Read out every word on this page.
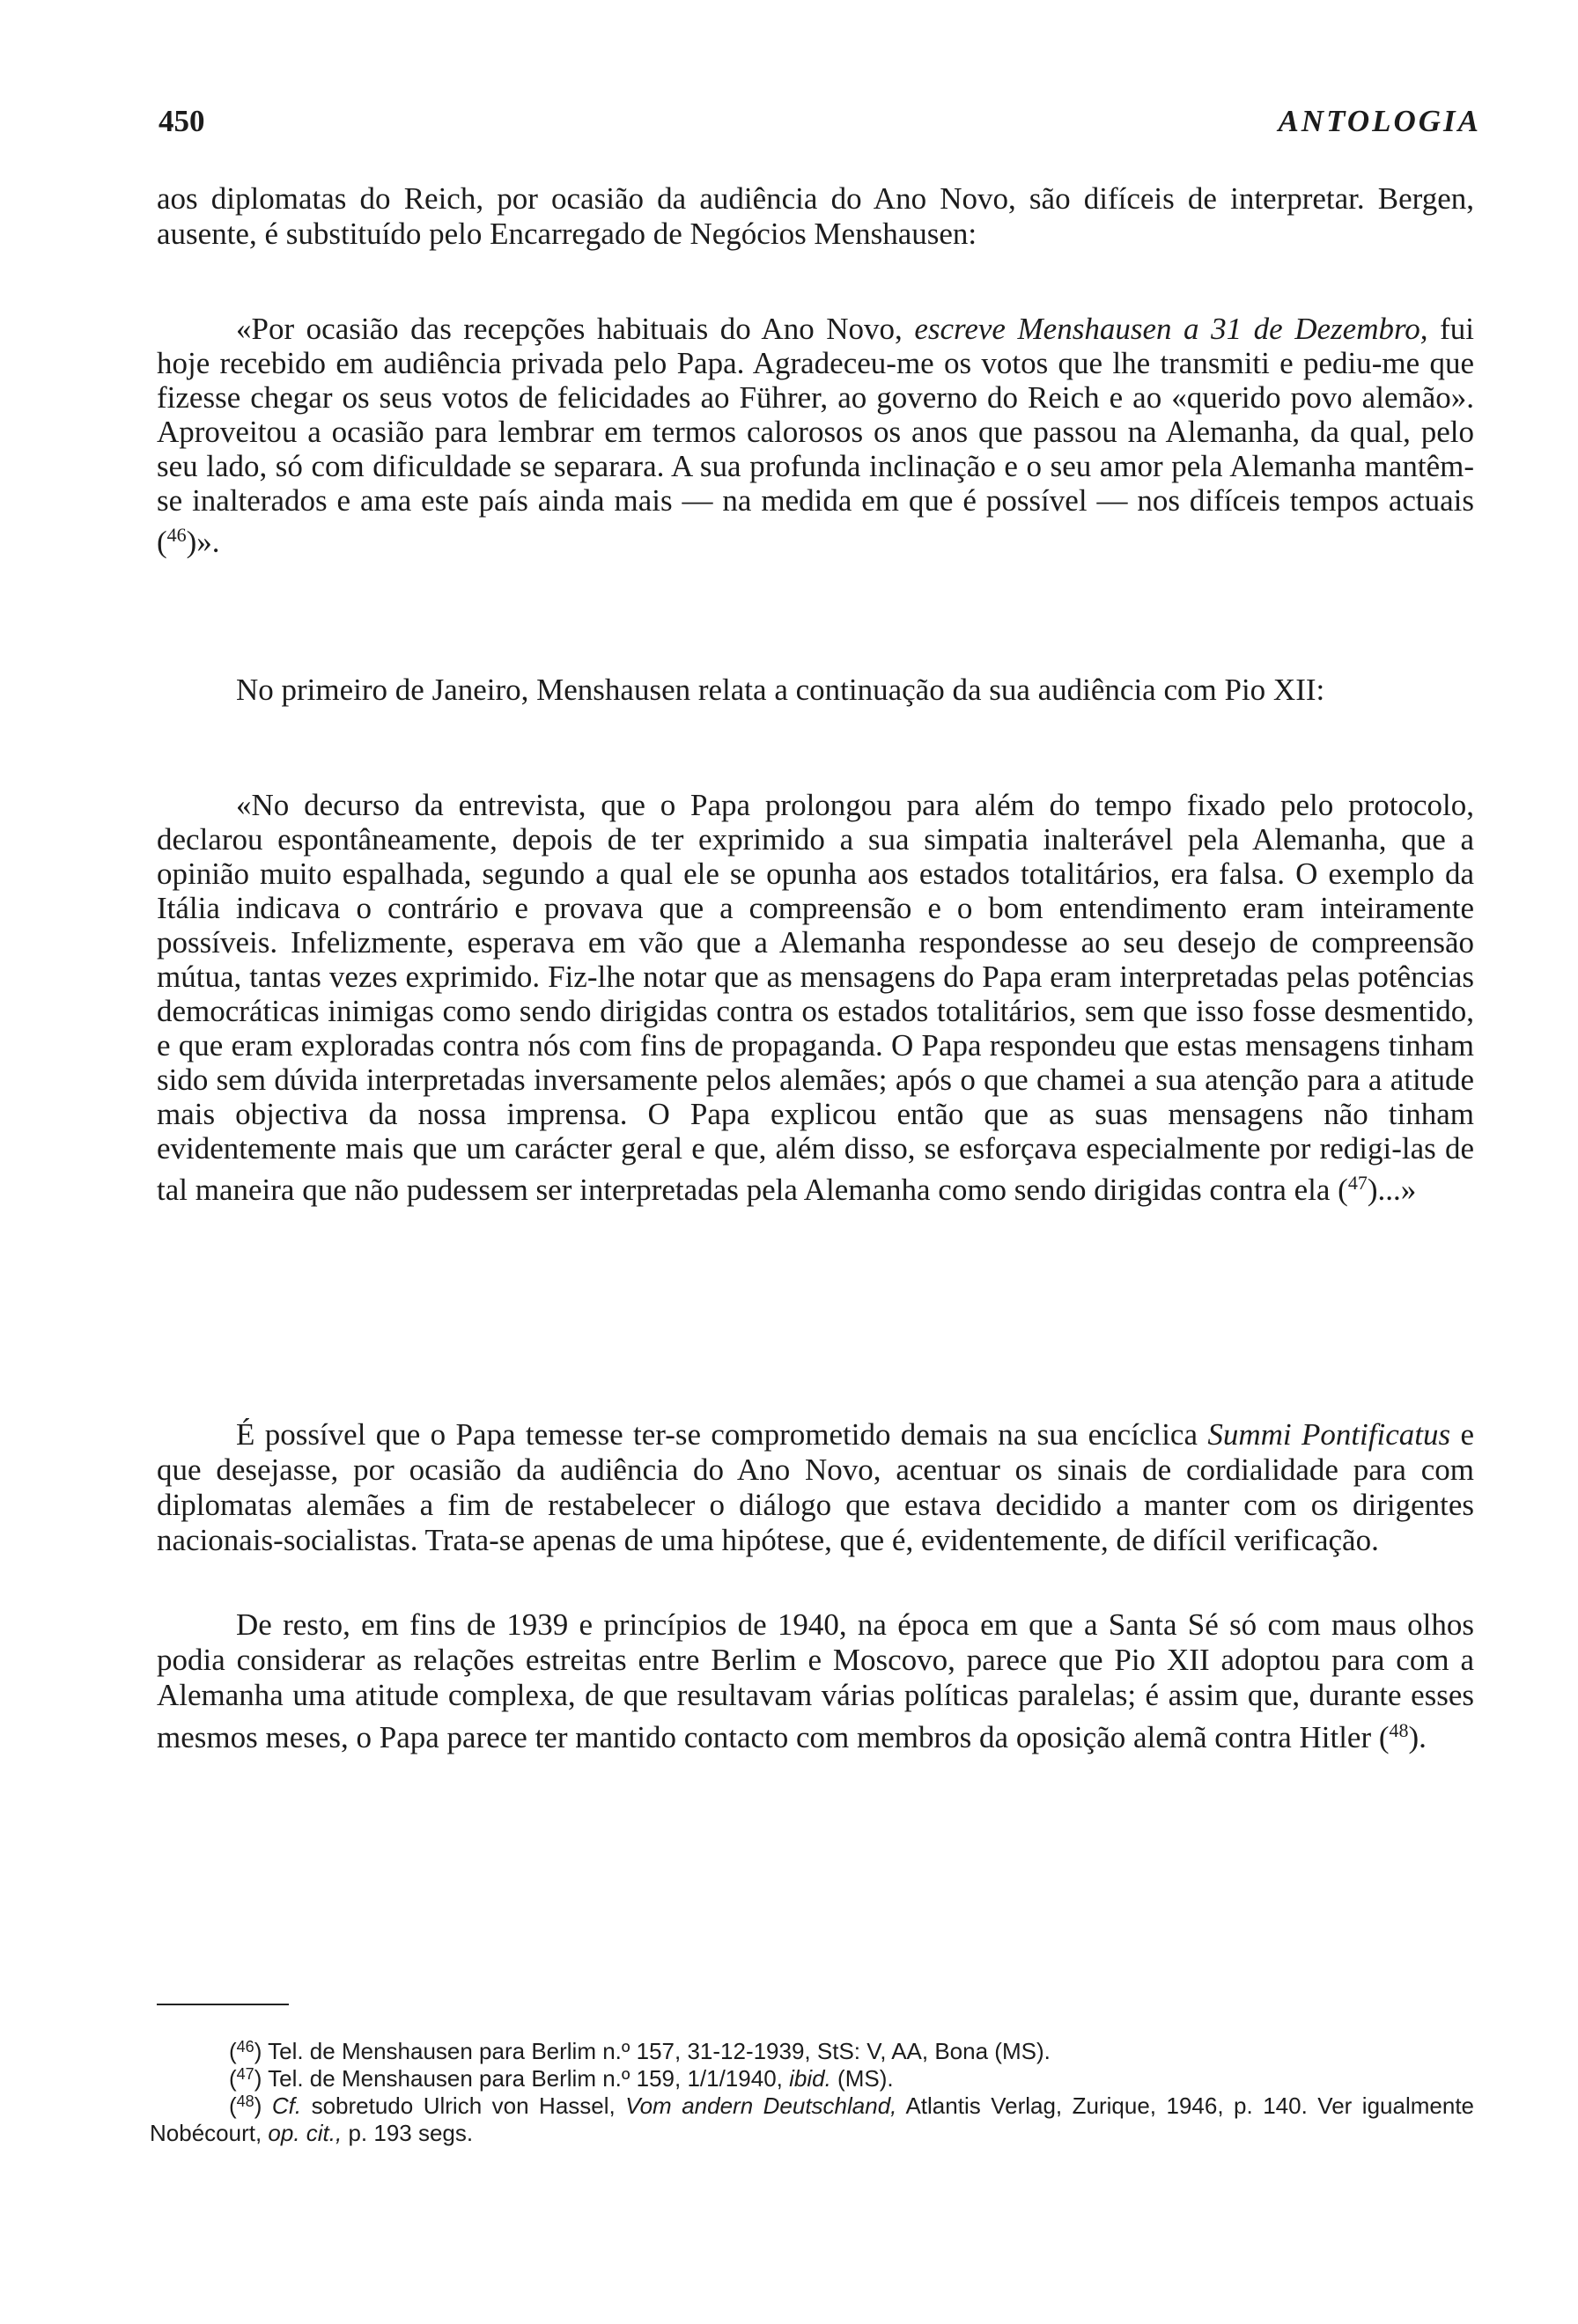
450	ANTOLOGIA

aos diplomatas do Reich, por ocasião da audiência do Ano Novo, são difíceis de interpretar. Bergen, ausente, é substituído pelo Encarregado de Negócios Menshausen:

«Por ocasião das recepções habituais do Ano Novo, escreve Menshausen a 31 de Dezembro, fui hoje recebido em audiência privada pelo Papa. Agradeceu-me os votos que lhe transmiti e pediu-me que fizesse chegar os seus votos de felicidades ao Führer, ao governo do Reich e ao «querido povo alemão». Aproveitou a ocasião para lembrar em termos calorosos os anos que passou na Alemanha, da qual, pelo seu lado, só com dificuldade se separara. A sua profunda inclinação e o seu amor pela Alemanha mantêm-se inalterados e ama este país ainda mais — na medida em que é possível — nos difíceis tempos actuais ($^{46}$)».

No primeiro de Janeiro, Menshausen relata a continuação da sua audiência com Pio XII:

«No decurso da entrevista, que o Papa prolongou para além do tempo fixado pelo protocolo, declarou espontâneamente, depois de ter exprimido a sua simpatia inalterável pela Alemanha, que a opinião muito espalhada, segundo a qual ele se opunha aos estados totalitários, era falsa. O exemplo da Itália indicava o contrário e provava que a compreensão e o bom entendimento eram inteiramente possíveis. Infelizmente, esperava em vão que a Alemanha respondesse ao seu desejo de compreensão mútua, tantas vezes exprimido. Fiz-lhe notar que as mensagens do Papa eram interpretadas pelas potências democráticas inimigas como sendo dirigidas contra os estados totalitários, sem que isso fosse desmentido, e que eram exploradas contra nós com fins de propaganda. O Papa respondeu que estas mensagens tinham sido sem dúvida interpretadas inversamente pelos alemães; após o que chamei a sua atenção para a atitude mais objectiva da nossa imprensa. O Papa explicou então que as suas mensagens não tinham evidentemente mais que um carácter geral e que, além disso, se esforçava especialmente por redigi-las de tal maneira que não pudessem ser interpretadas pela Alemanha como sendo dirigidas contra ela ($^{47}$)...»

É possível que o Papa temesse ter-se comprometido demais na sua encíclica Summi Pontificatus e que desejasse, por ocasião da audiência do Ano Novo, acentuar os sinais de cordialidade para com diplomatas alemães a fim de restabelecer o diálogo que estava decidido a manter com os dirigentes nacionais-socialistas. Trata-se apenas de uma hipótese, que é, evidentemente, de difícil verificação.

De resto, em fins de 1939 e princípios de 1940, na época em que a Santa Sé só com maus olhos podia considerar as relações estreitas entre Berlim e Moscovo, parece que Pio XII adoptou para com a Alemanha uma atitude complexa, de que resultavam várias políticas paralelas; é assim que, durante esses mesmos meses, o Papa parece ter mantido contacto com membros da oposição alemã contra Hitler ($^{48}$).

($^{46}$) Tel. de Menshausen para Berlim n.º 157, 31-12-1939, StS: V, AA, Bona (MS).

($^{47}$) Tel. de Menshausen para Berlim n.º 159, 1/1/1940, ibid. (MS).

($^{48}$) Cf. sobretudo Ulrich von Hassel, Vom andern Deutschland, Atlantis Verlag, Zurique, 1946, p. 140. Ver igualmente Nobécourt, op. cit., p. 193 segs.
